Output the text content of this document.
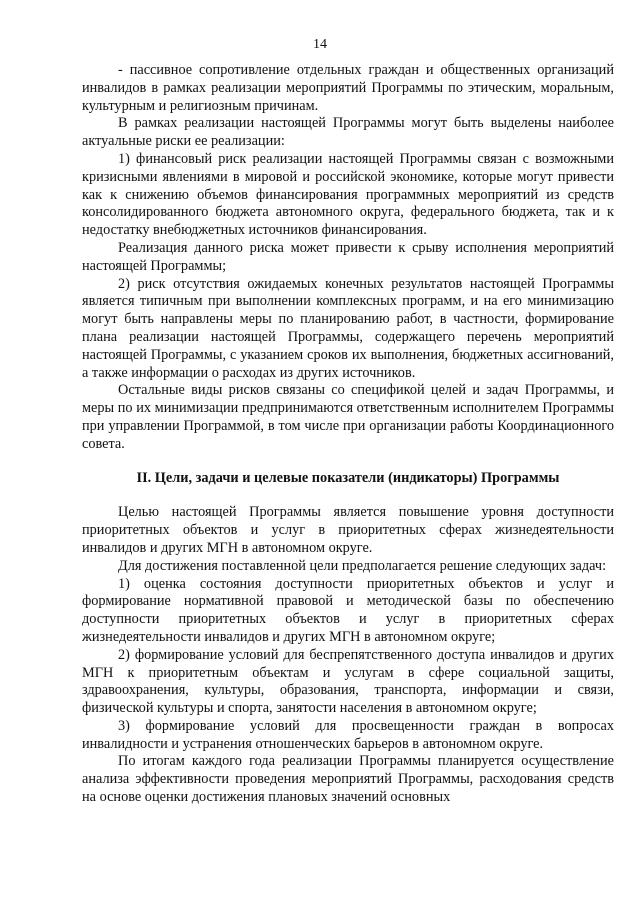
14

- пассивное сопротивление отдельных граждан и общественных организаций инвалидов в рамках реализации мероприятий Программы по этическим, моральным, культурным и религиозным причинам.

В рамках реализации настоящей Программы могут быть выделены наиболее актуальные риски ее реализации:

1) финансовый риск реализации настоящей Программы связан с возможными кризисными явлениями в мировой и российской экономике, которые могут привести как к снижению объемов финансирования программных мероприятий из средств консолидированного бюджета автономного округа, федерального бюджета, так и к недостатку внебюджетных источников финансирования.

Реализация данного риска может привести к срыву исполнения мероприятий настоящей Программы;

2) риск отсутствия ожидаемых конечных результатов настоящей Программы является типичным при выполнении комплексных программ, и на его минимизацию могут быть направлены меры по планированию работ, в частности, формирование плана реализации настоящей Программы, содержащего перечень мероприятий настоящей Программы, с указанием сроков их выполнения, бюджетных ассигнований, а также информации о расходах из других источников.

Остальные виды рисков связаны со спецификой целей и задач Программы, и меры по их минимизации предпринимаются ответственным исполнителем Программы при управлении Программой, в том числе при организации работы Координационного совета.

II. Цели, задачи и целевые показатели (индикаторы) Программы

Целью настоящей Программы является повышение уровня доступности приоритетных объектов и услуг в приоритетных сферах жизнедеятельности инвалидов и других МГН в автономном округе.

Для достижения поставленной цели предполагается решение следующих задач:

1) оценка состояния доступности приоритетных объектов и услуг и формирование нормативной правовой и методической базы по обеспечению доступности приоритетных объектов и услуг в приоритетных сферах жизнедеятельности инвалидов и других МГН в автономном округе;

2) формирование условий для беспрепятственного доступа инвалидов и других МГН к приоритетным объектам и услугам в сфере социальной защиты, здравоохранения, культуры, образования, транспорта, информации и связи, физической культуры и спорта, занятости населения в автономном округе;

3) формирование условий для просвещенности граждан в вопросах инвалидности и устранения отношенческих барьеров в автономном округе.

По итогам каждого года реализации Программы планируется осуществление анализа эффективности проведения мероприятий Программы, расходования средств на основе оценки достижения плановых значений основных
